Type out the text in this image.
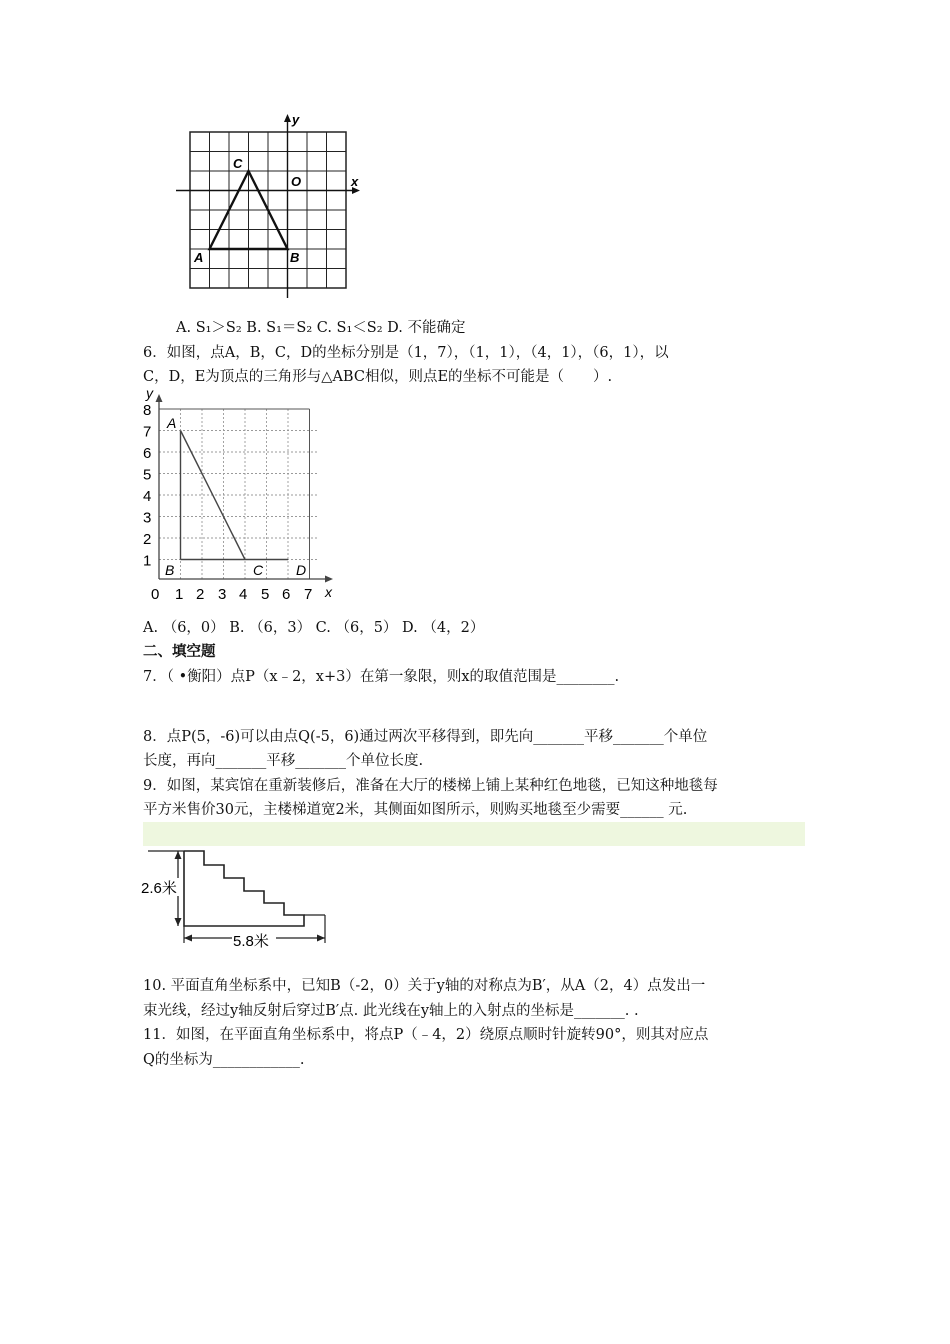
C
O	x
y
A	B
A. S₁＞S₂ B. S₁＝S₂ C. S₁＜S₂ D. 不能确定
6．如图，点A，B，C，D的坐标分别是（1，7），（1，1），（4，1），（6，1），以
C，D，E为顶点的三角形与△ABC相似，则点E的坐标不可能是（　　）.
8
7
6
5
4
3
2
1
0 1 2 3 4 5 6 7 x
y
A
B	C D
A. （6，0） B. （6，3） C. （6，5） D. （4，2）
二、填空题
7．（ •衡阳）点P（x﹣2，x+3）在第一象限，则x的取值范围是________.
8．点P(5，-6)可以由点Q(-5，6)通过两次平移得到，即先向_______平移_______个单位
长度，再向_______平移_______个单位长度.
9．如图，某宾馆在重新装修后，准备在大厅的楼梯上铺上某种红色地毯，已知这种地毯每
平方米售价30元，主楼梯道宽2米，其侧面如图所示，则购买地毯至少需要______ 元.
2.6米
5.8米
10. 平面直角坐标系中，已知B（-2，0）关于y轴的对称点为B′，从A（2，4）点发出一
束光线，经过y轴反射后穿过B′点. 此光线在y轴上的入射点的坐标是_______. .
11．如图，在平面直角坐标系中，将点P（﹣4，2）绕原点顺时针旋转90°，则其对应点
Q的坐标为____________.
